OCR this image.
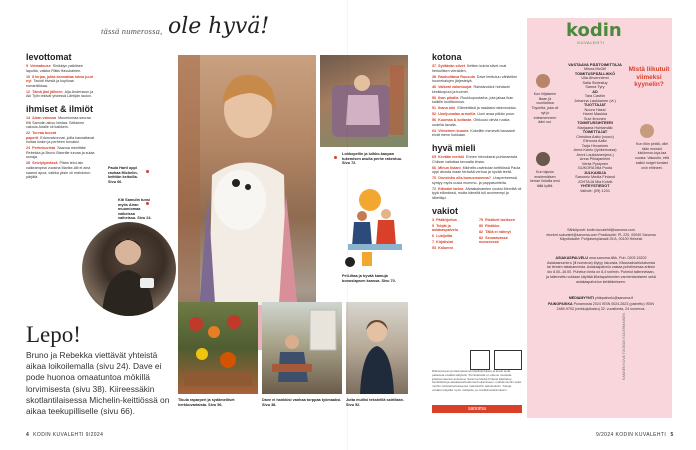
tässä numerossa, ole hyvä!
levottomat
9 Vetmatouse Sinikkiyn palkitsee lapuilta, vaikka Riitta Havukainen.
10 8 kirjaa, jotka kannattaa lukea juuri nyt Tavoiti tiivistä ja kuplivaa romantiikkaa.
12 Tämä jäni jälkeen Aija Andersson ja Aki Tylin tekivät yhdessä Lähtijän laulun.
ihmiset & ilmiöt
14 Airan valossa Muumiomaa seuraa Kiti Samulin aikoo loistaa. Sellainen vakuus Airalle oli kaikkein.
22 Turvaa tuovat paperit Edunvalvonnat, joilla kannattavat hoitaa loskin ja perheen turvaksi.
24 Perhekuvista Saanua menittiäe Rebekka ja Bruno Bisertile turvaa ja sulaa sonaja.
28 Selviytymässä Piitan teini-isin vaikeampina vuosina Marike-äiti ei aina saanut apua, vaikka yksin oli mahdoton pärjätä.
Lepo!
Bruno ja Rebekka viettävät yhteistä aikaa loikoilemalla (sivu 24). Dave ei pode huonoa omaatuntoa mökillä lorvimisesta (sivu 38). Kiireessäkin skotlantilaisessa Michelin-keittiössä on aikaa teekupilliselle (sivu 66).
Paula Hartl oppi rauhaa Michelin-keittiön keitoilla. Sivu 66.
Kiti Samulin tunsi myös Airan muumiomaa vaikeissa vaiheissa. Sivu 24.
Lohkopellin ja luikko-kaupan tukemisen avulla perhe rakentuu. Sivu 72.
Peli-iltaa ja hyvää kamuja bonuslapsen kanssa. Sivu 70.
Tikula raparperi ja sydämelliset herkkuvartaista. Sivu 56.
Dave ei hankkisi vanhaa torppaa työmaaksi. Sivu 38.
Jutta mullisi teksteillä sairillaan. Sivu 52.
kotona
37 Syötävän siivet Kettien kuivia siivet ovat herkullisen vieraiden.
38 Rauhoittava Ruusula Dave lenttutuu vähitellen huonekalujen järjestelyä.
46 Valkeat valontuojat Rahdanoidut hohtavat kirsikkopuut ja tuomet.
50 Ihan pihalla Ruukkupuutarha, jota jakaa ihan kaikille kodittomuus.
51 Ihana arki Elämettäsä ja naalasta rakennuksia.
52 Uunijumalan armoilla Uuni avaa pitkän puun.
56 Kuumaa & kotiasta Ohikuusi olevia ruokia uudella tavalla.
64 Viimeinen kuoma Kokeiltin menevät banaanit eivät mene hukkaan.
hyvä mieli
65 Kevään merkki Ennen hienoksesi puhkeamista Chiisse valtuttaa kevualta ilmaa.
66 Minun listani Michelin-ravintolan keittiössä Paula oppi ahosta maan terävää verhoa ja hyvää teetä.
70 Onneinko olla bonusmumma? Uusperheessä syntyy myös uusia mummo- ja pappasuhteita.
72 Elämäni tarina Alvaakaivamien vuoksi Merviltä oli tyyä elämänsä, mutta häneltä tuli avoimempi ja lähelläpi.
vakiot
3 Pääkirjoitus
5 Tehjät ja asiakaspalvelu
6 Lukijoilta
7 Kirjalistat
53 Kolumni
79 Ristiketi lasiksen
80 Ristikko
82 Tällä ei nähnyt
82 Seuraavassa numerossa
Rikkoutuneet ja tilaamattomat käsikirjoitukset ja kuvat eivät palauteta eivätkä säilytetä. Toimituksella on oikeus muokata julkaisemaansa aineistoa. Sanoma Media Finland käsittelee henkilötietoja asiakassuhteidensa hoitamiseen, markkinointiin sekä muihin rekisteriselosteessa mainittuihin tarkoituksiin. Tietoja voidaan käyttää myös mielipide- ja markkinatutkimuksiin.
sanoma
kodin
KUVALEHTI
Mistä liikutuit viimeksi kyynelin?
Kun hiljaiseen iltaan jä vuorilahtoa Toyorilta, joka oli nyt jo edesmenneen ääni soi.
Kun tajusin ensimmäisen kerran lintuilla ensi tällä kylliä.
Kun itkin pinttä, ollei tään muistot lukiönnon-toja-taa vuosia. Vakuutin, että kaikki noiget tomiani ovin ehtineet.
VASTAAVA PÄÄTOIMITTAJA
Minna McGill
TOIMITUSPÄÄLLIKKÖ
Ulla Ahvenniemi
Salla Stolestuy
Sanna Tyry
AD
Tara Cashin
Johanna Laukkanen (vt.)
TUOTTAJAT
Noora Hassi
Hanni Maukka
Suvi Ilmonen
TOIMITUSSIHTEERI
Marjaana Huhtamäki
TOIMITTAJAT
Christina Aalto (vuoro)
Elinoora Aalto
Tarja Hirvarinen
Anna Kanto (työkerrossa)
Jenni Laukkanen(ma.)
Anna Pihlajaniemi
Venla Pystynen
GUKORA Mia Poola
JULKAISIJA
Sanomiz Media Finland
JOHTAJA Mia Kulvik
YHTEYSTIEDOT
Vaihde: (09) 1201
Sähköposti: kodin.kuvalehti@sanoma.com etunimi.sukunimi@sanoma.com Postiosoite: PL 220, 00040 Sanoma Käyntiosoite: Pohjoisesplanadi 25 A, 00100 Helsinki
ASIAKASPALVELU oma.sanoma.fi/kk, Puh. 0203 15202 Asiakasnumero (lil numeroa) löytyy lukuosta. Kiksuradvairiolukvesta tai lehden takakannesta. Asiakaspalvelu vastaa puhelimessa arkisin klo 8.00–16.00. Puhelun hinta on 8,4 snt/min. Puhelut tallennetaan, ja tallennettu voidaan käyttää liiketapahtumien varmentamiseen sekä asiakaspalvelun kehittämiseen.
MEDIAMYYNTI yhtiopalvelu@sanoma.fi
PAINOPAIKKA Punamusta 2024 ISSN 0024-2623 (painettu) ISSN 2489-9753 (verkkojulkaisu) 32. vuosikerta, 24 numeroa.
KANNEN KUVA TUOMAS KOLEHMAINEN
4 KODIN KUVALEHTI 9/2024	9/2024 KODIN KUVALEHTI 5
